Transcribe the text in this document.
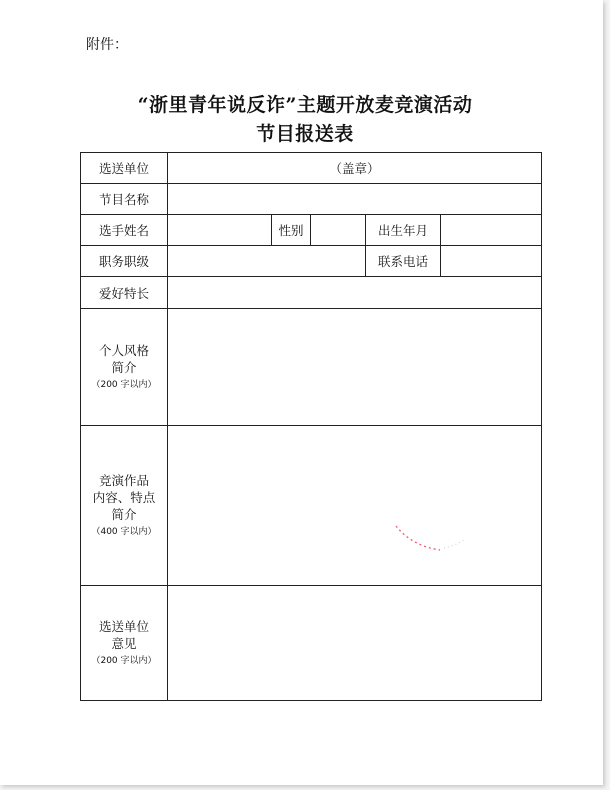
附件：
“浙里青年说反诈”主题开放麦竞演活动
节目报送表
选送单位	（盖章）				
节目名称					
选手姓名		性别		出生年月	
职务职级				联系电话	
爱好特长					

个人风格
简介
（200 字以内）					

竞演作品
内容、特点
简介
（400 字以内）					

选送单位
意见
（200 字以内）					
